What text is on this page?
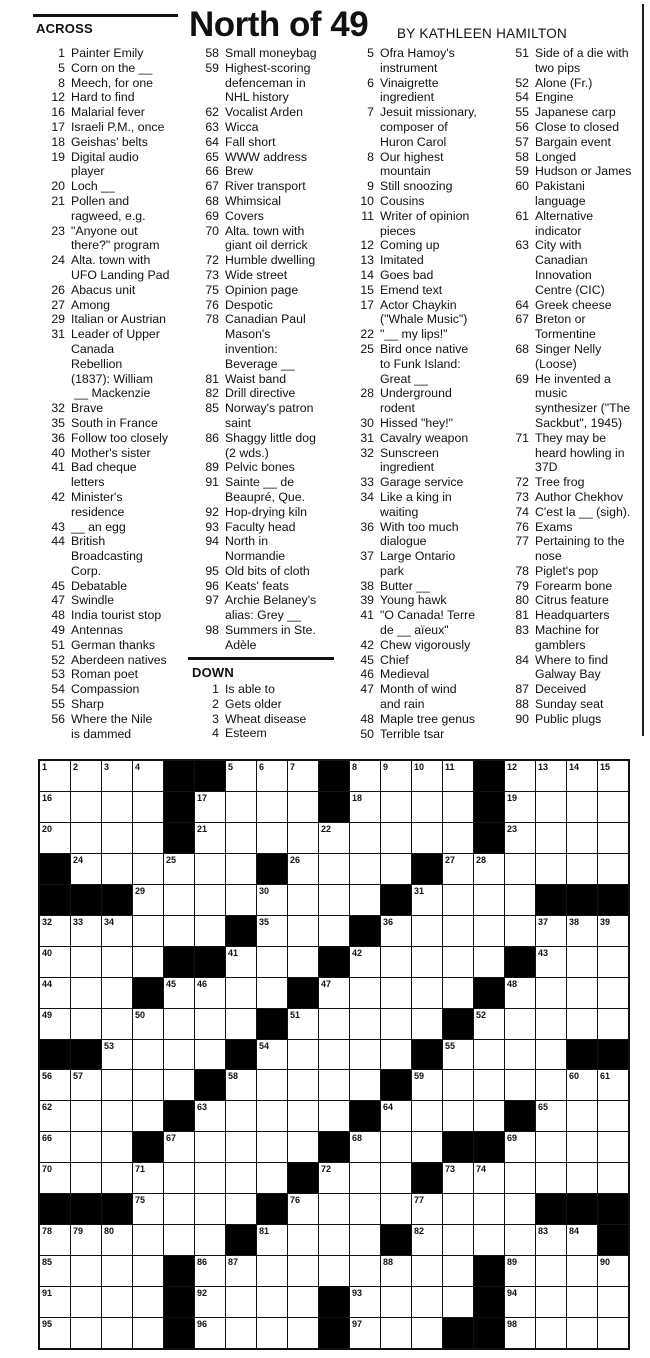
ACROSS	North of 49 BY KATHLEEN HAMILTON
1 Painter Emily
5 Corn on the __
8 Meech, for one
12 Hard to find
16 Malarial fever
17 Israeli P.M., once
18 Geishas' belts
19 Digital audio
player
20 Loch __
21 Pollen and
ragweed, e.g.
23 "Anyone out
there?" program
24 Alta. town with
UFO Landing Pad
26 Abacus unit
27 Among
29 Italian or Austrian
31 Leader of Upper
Canada
Rebellion
(1837): William
__ Mackenzie
32 Brave
35 South in France
36 Follow too closely
40 Mother's sister
41 Bad cheque
letters
42 Minister's
residence
43 __ an egg
44 British
Broadcasting
Corp.
45 Debatable
47 Swindle
48 India tourist stop
49 Antennas
51 German thanks
52 Aberdeen natives
53 Roman poet
54 Compassion
55 Sharp
56 Where the Nile
is dammed
58 Small moneybag
59 Highest-scoring
defenceman in
NHL history
62 Vocalist Arden
63 Wicca
64 Fall short
65 WWW address
66 Brew
67 River transport
68 Whimsical
69 Covers
70 Alta. town with
giant oil derrick
72 Humble dwelling
73 Wide street
75 Opinion page
76 Despotic
78 Canadian Paul
Mason's
invention:
Beverage __
81 Waist band
82 Drill directive
85 Norway's patron
saint
86 Shaggy little dog
(2 wds.)
89 Pelvic bones
91 Sainte __ de
Beaupré, Que.
92 Hop-drying kiln
93 Faculty head
94 North in
Normandie
95 Old bits of cloth
96 Keats' feats
97 Archie Belaney's
alias: Grey __
98 Summers in Ste.
Adèle
DOWN
1 Is able to
2 Gets older
3 Wheat disease
4 Esteem
5 Ofra Hamoy's
instrument
6 Vinaigrette
ingredient
7 Jesuit missionary,
composer of
Huron Carol
8 Our highest
mountain
9 Still snoozing
10 Cousins
11 Writer of opinion
pieces
12 Coming up
13 Imitated
14 Goes bad
15 Emend text
17 Actor Chaykin
("Whale Music")
22 "__ my lips!"
25 Bird once native
to Funk Island:
Great __
28 Underground
rodent
30 Hissed "hey!"
31 Cavalry weapon
32 Sunscreen
ingredient
33 Garage service
34 Like a king in
waiting
36 With too much
dialogue
37 Large Ontario
park
38 Butter __
39 Young hawk
41 "O Canada! Terre
de __ aïeux"
42 Chew vigorously
45 Chief
46 Medieval
47 Month of wind
and rain
48 Maple tree genus
50 Terrible tsar
51 Side of a die with
two pips
52 Alone (Fr.)
54 Engine
55 Japanese carp
56 Close to closed
57 Bargain event
58 Longed
59 Hudson or James
60 Pakistani
language
61 Alternative
indicator
63 City with
Canadian
Innovation
Centre (CIC)
64 Greek cheese
67 Breton or
Tormentine
68 Singer Nelly
(Loose)
69 He invented a
music
synthesizer ("The
Sackbut", 1945)
71 They may be
heard howling in
37D
72 Tree frog
73 Author Chekhov
74 C'est la __ (sigh).
76 Exams
77 Pertaining to the
nose
78 Piglet's pop
79 Forearm bone
80 Citrus feature
81 Headquarters
83 Machine for
gamblers
84 Where to find
Galway Bay
87 Deceived
88 Sunday seat
90 Public plugs
1	2	3	4	5	6	7	8	9	10 11	12 13 14 15
16	17	18	19
20	21	22	23
24	25	26	27 28
29	30	31
32 33 34	35	36	37 38 39
40	41	42	43
44	45 46	47	48
49	50	51	52
53	54	55
56 57	58	59	60 61
62	63	64	65
66	67	68	69
70	71	72	73 74
75	76	77
78 79 80	81	82	83 84
85	86 87	88	89	90
91	92	93	94
95	96	97	98
